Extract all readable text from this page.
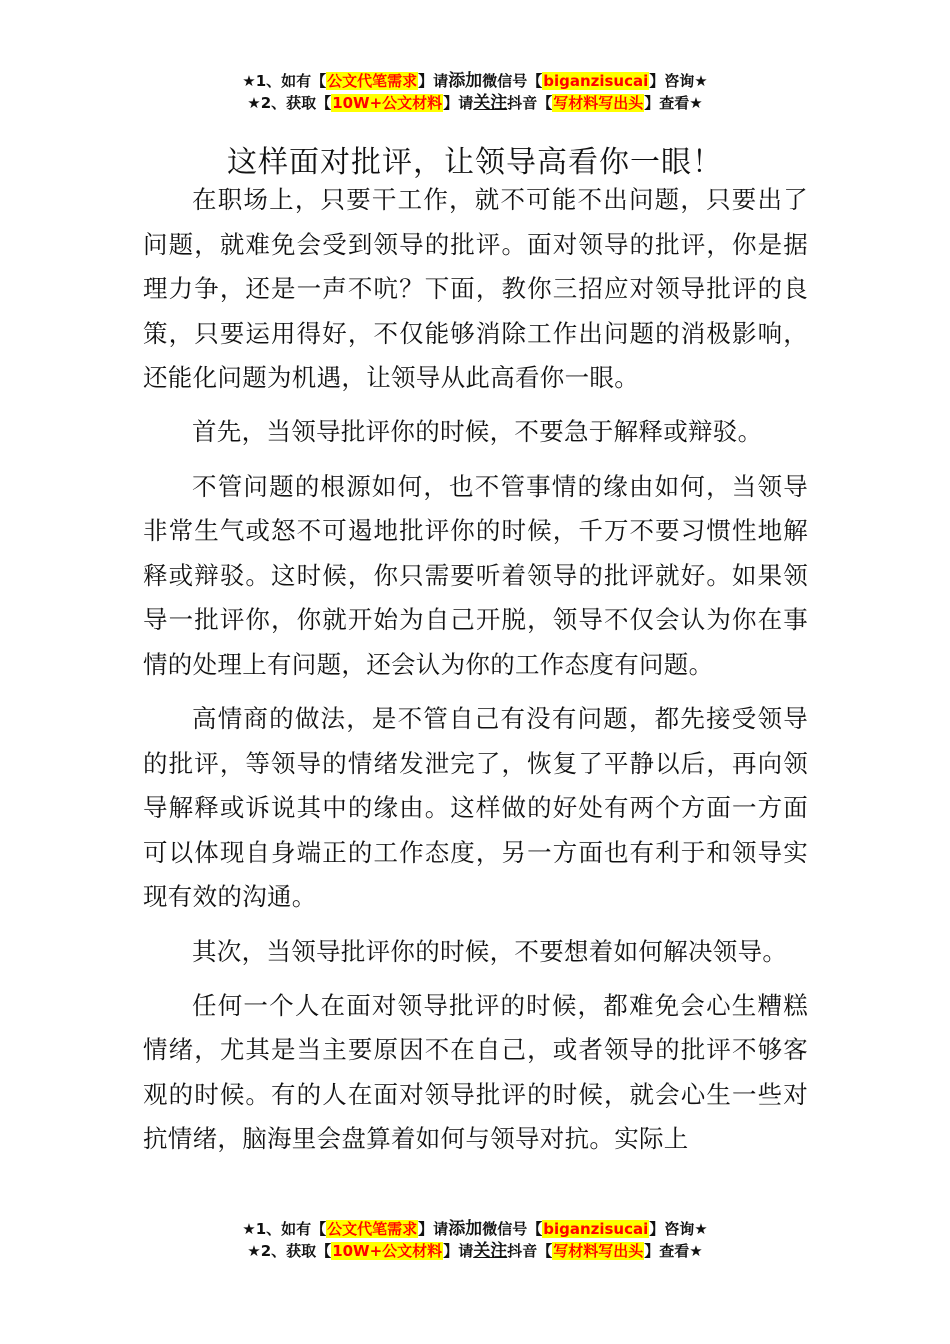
★1、如有【公文代笔需求】请添加微信号【biganzisucai】咨询★
★2、获取【10W+公文材料】请关注抖音【写材料写出头】查看★
这样面对批评，让领导高看你一眼！

在职场上，只要干工作，就不可能不出问题，只要出了问题，就难免会受到领导的批评。面对领导的批评，你是据理力争，还是一声不吭？下面，教你三招应对领导批评的良策，只要运用得好，不仅能够消除工作出问题的消极影响，还能化问题为机遇，让领导从此高看你一眼。

首先，当领导批评你的时候，不要急于解释或辩驳。

不管问题的根源如何，也不管事情的缘由如何，当领导非常生气或怒不可遏地批评你的时候，千万不要习惯性地解释或辩驳。这时候，你只需要听着领导的批评就好。如果领导一批评你，你就开始为自己开脱，领导不仅会认为你在事情的处理上有问题，还会认为你的工作态度有问题。

高情商的做法，是不管自己有没有问题，都先接受领导的批评，等领导的情绪发泄完了，恢复了平静以后，再向领导解释或诉说其中的缘由。这样做的好处有两个方面一方面可以体现自身端正的工作态度，另一方面也有利于和领导实现有效的沟通。

其次，当领导批评你的时候，不要想着如何解决领导。

任何一个人在面对领导批评的时候，都难免会心生糟糕情绪，尤其是当主要原因不在自己，或者领导的批评不够客观的时候。有的人在面对领导批评的时候，就会心生一些对抗情绪，脑海里会盘算着如何与领导对抗。实际上

★1、如有【公文代笔需求】请添加微信号【biganzisucai】咨询★
★2、获取【10W+公文材料】请关注抖音【写材料写出头】查看★
